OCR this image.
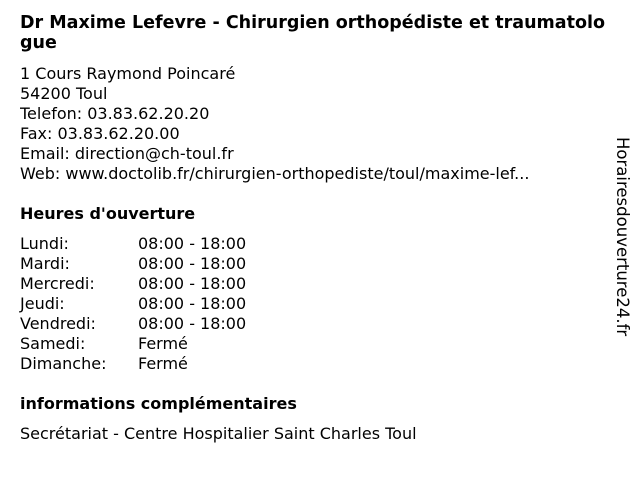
Dr Maxime Lefevre - Chirurgien orthopédiste et traumatologue
1 Cours Raymond Poincaré
54200 Toul
Telefon: 03.83.62.20.20
Fax: 03.83.62.20.00
Email: direction@ch-toul.fr
Web: www.doctolib.fr/chirurgien-orthopediste/toul/maxime-lef...
Heures d'ouverture
Lundi:	08:00 - 18:00
Mardi:	08:00 - 18:00
Mercredi:	08:00 - 18:00
Jeudi:	08:00 - 18:00
Vendredi:	08:00 - 18:00
Samedi:	Fermé
Dimanche:	Fermé
informations complémentaires
Secrétariat - Centre Hospitalier Saint Charles Toul
Horairesdouverture24.fr
